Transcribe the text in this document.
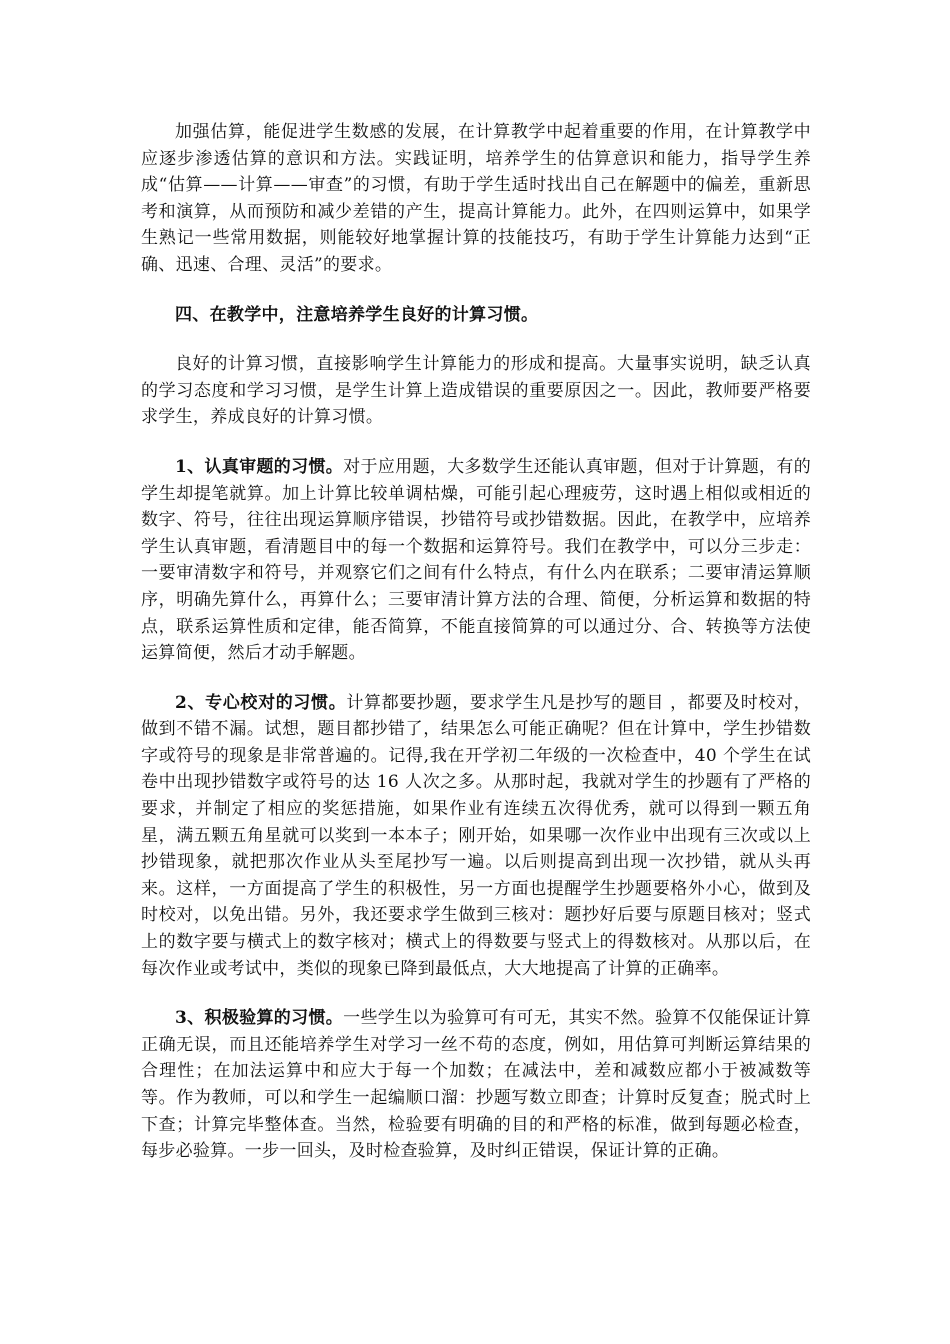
加强估算，能促进学生数感的发展，在计算教学中起着重要的作用，在计算教学中应逐步渗透估算的意识和方法。实践证明，培养学生的估算意识和能力，指导学生养成“估算——计算——审查”的习惯，有助于学生适时找出自己在解题中的偏差，重新思考和演算，从而预防和减少差错的产生，提高计算能力。此外，在四则运算中，如果学生熟记一些常用数据，则能较好地掌握计算的技能技巧，有助于学生计算能力达到“正确、迅速、合理、灵活”的要求。

四、在教学中，注意培养学生良好的计算习惯。

良好的计算习惯，直接影响学生计算能力的形成和提高。大量事实说明，缺乏认真的学习态度和学习习惯，是学生计算上造成错误的重要原因之一。因此，教师要严格要求学生，养成良好的计算习惯。

1、认真审题的习惯。对于应用题，大多数学生还能认真审题，但对于计算题，有的学生却提笔就算。加上计算比较单调枯燥，可能引起心理疲劳，这时遇上相似或相近的数字、符号，往往出现运算顺序错误，抄错符号或抄错数据。因此，在教学中，应培养学生认真审题，看清题目中的每一个数据和运算符号。我们在教学中，可以分三步走：一要审清数字和符号，并观察它们之间有什么特点，有什么内在联系；二要审清运算顺序，明确先算什么，再算什么；三要审清计算方法的合理、简便，分析运算和数据的特点，联系运算性质和定律，能否简算，不能直接简算的可以通过分、合、转换等方法使运算简便，然后才动手解题。

2、专心校对的习惯。计算都要抄题，要求学生凡是抄写的题目 ，都要及时校对，做到不错不漏。试想，题目都抄错了，结果怎么可能正确呢？但在计算中，学生抄错数字或符号的现象是非常普遍的。记得,我在开学初二年级的一次检查中，40 个学生在试卷中出现抄错数字或符号的达 16 人次之多。从那时起，我就对学生的抄题有了严格的要求，并制定了相应的奖惩措施，如果作业有连续五次得优秀，就可以得到一颗五角星，满五颗五角星就可以奖到一本本子；刚开始，如果哪一次作业中出现有三次或以上抄错现象，就把那次作业从头至尾抄写一遍。以后则提高到出现一次抄错，就从头再来。这样，一方面提高了学生的积极性，另一方面也提醒学生抄题要格外小心，做到及时校对，以免出错。另外，我还要求学生做到三核对：题抄好后要与原题目核对；竖式上的数字要与横式上的数字核对；横式上的得数要与竖式上的得数核对。从那以后，在每次作业或考试中，类似的现象已降到最低点，大大地提高了计算的正确率。

3、积极验算的习惯。一些学生以为验算可有可无，其实不然。验算不仅能保证计算正确无误，而且还能培养学生对学习一丝不苟的态度，例如，用估算可判断运算结果的合理性；在加法运算中和应大于每一个加数；在减法中，差和减数应都小于被减数等等。作为教师，可以和学生一起编顺口溜：抄题写数立即查；计算时反复查；脱式时上下查；计算完毕整体查。当然，检验要有明确的目的和严格的标准，做到每题必检查，每步必验算。一步一回头，及时检查验算，及时纠正错误，保证计算的正确。
